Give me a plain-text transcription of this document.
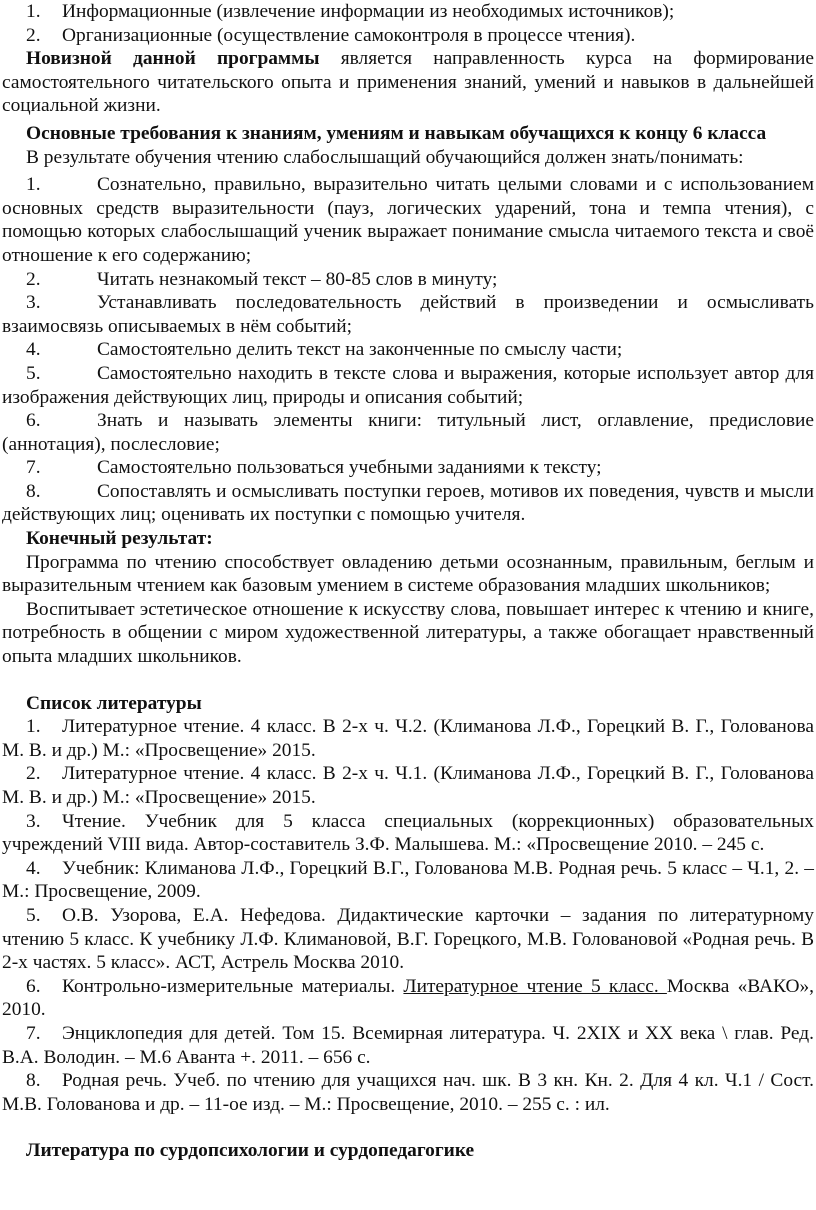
1.	Информационные (извлечение информации из необходимых источников);
2.	Организационные (осуществление самоконтроля в процессе чтения).

Новизной данной программы является направленность курса на формирование самостоятельного читательского опыта и применения знаний, умений и навыков в дальнейшей социальной жизни.

Основные требования к знаниям, умениям и навыкам обучащихся к концу 6 класса

В результате обучения чтению слабослышащий обучающийся должен знать/понимать:

1.	Сознательно, правильно, выразительно читать целыми словами и с использованием основных средств выразительности (пауз, логических ударений, тона и темпа чтения), с помощью которых слабослышащий ученик выражает понимание смысла читаемого текста и своё отношение к его содержанию;

2.	Читать незнакомый текст – 80-85 слов в минуту;

3.	Устанавливать последовательность действий в произведении и осмысливать взаимосвязь описываемых в нём событий;

4.	Самостоятельно делить текст на законченные по смыслу части;

5.	Самостоятельно находить в тексте слова и выражения, которые использует автор для изображения действующих лиц, природы и описания событий;

6.	Знать и называть элементы книги: титульный лист, оглавление, предисловие (аннотация), послесловие;

7.	Самостоятельно пользоваться учебными заданиями к тексту;

8.	Сопоставлять и осмысливать поступки героев, мотивов их поведения, чувств и мысли действующих лиц; оценивать их поступки с помощью учителя.

Конечный результат:

Программа по чтению способствует овладению детьми осознанным, правильным, беглым и выразительным чтением как базовым умением в системе образования младших школьников;

Воспитывает эстетическое отношение к искусству слова, повышает интерес к чтению и книге, потребность в общении с миром художественной литературы, а также обогащает нравственный опыта младших школьников.

Список литературы

1. Литературное чтение. 4 класс. В 2-х ч. Ч.2. (Климанова Л.Ф., Горецкий В. Г., Голованова М. В. и др.) М.: «Просвещение» 2015.

2. Литературное чтение. 4 класс. В 2-х ч. Ч.1. (Климанова Л.Ф., Горецкий В. Г., Голованова М. В. и др.) М.: «Просвещение» 2015.

3. Чтение. Учебник для 5 класса специальных (коррекционных) образовательных учреждений VIII вида. Автор-составитель З.Ф. Малышева. М.: «Просвещение 2010. – 245 с.

4. Учебник: Климанова Л.Ф., Горецкий В.Г., Голованова М.В. Родная речь. 5 класс – Ч.1, 2. – М.: Просвещение, 2009.

5. О.В. Узорова, Е.А. Нефедова. Дидактические карточки – задания по литературному чтению 5 класс. К учебнику Л.Ф. Климановой, В.Г. Горецкого, М.В. Головановой «Родная речь. В 2-х частях. 5 класс». АСТ, Астрель Москва 2010.

6. Контрольно-измерительные материалы. Литературное чтение 5 класс. Москва «ВАКО», 2010.

7. Энциклопедия для детей. Том 15. Всемирная литература. Ч. 2XIX и XX века \ глав. Ред. В.А. Володин. – М.6 Аванта +. 2011. – 656 с.

8. Родная речь. Учеб. по чтению для учащихся нач. шк. В 3 кн. Кн. 2. Для 4 кл. Ч.1 / Сост. М.В. Голованова и др. – 11-ое изд. – М.: Просвещение, 2010. – 255 с. : ил.

Литература по сурдопсихологии и сурдопедагогике
